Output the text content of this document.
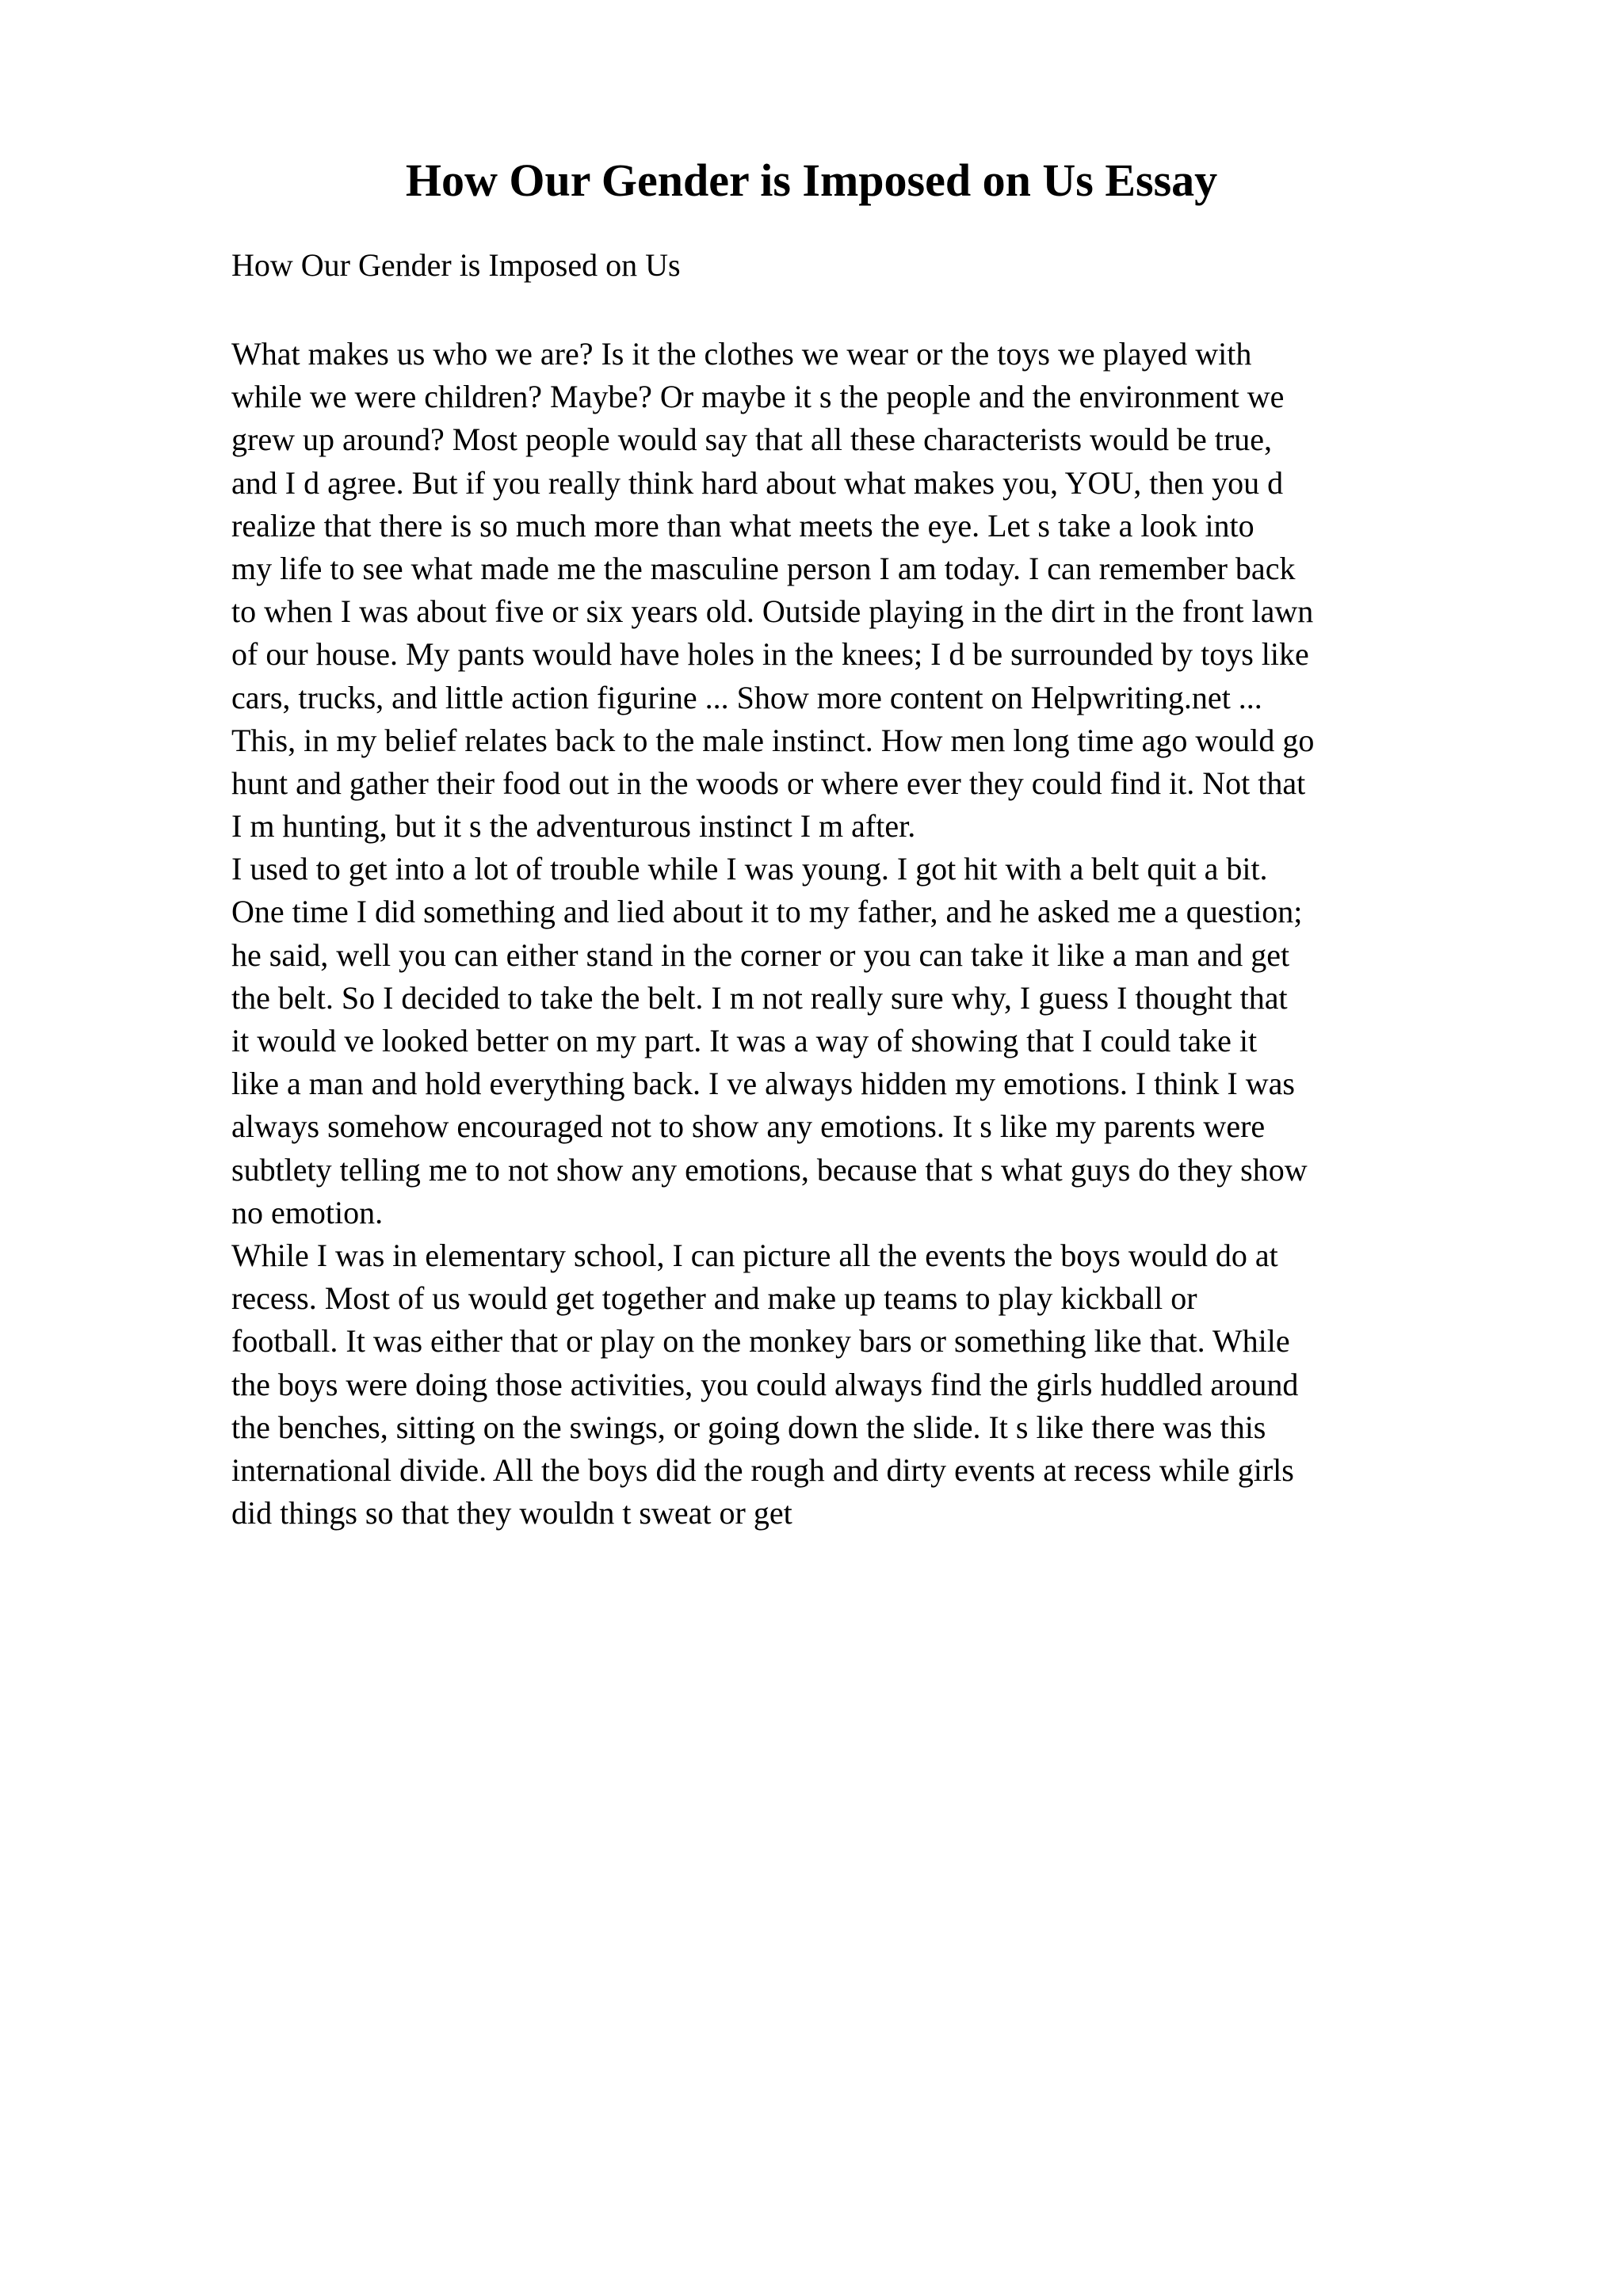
How Our Gender is Imposed on Us Essay
How Our Gender is Imposed on Us
What makes us who we are? Is it the clothes we wear or the toys we played with
while we were children? Maybe? Or maybe it s the people and the environment we
grew up around? Most people would say that all these characterists would be true,
and I d agree. But if you really think hard about what makes you, YOU, then you d
realize that there is so much more than what meets the eye. Let s take a look into
my life to see what made me the masculine person I am today. I can remember back
to when I was about five or six years old. Outside playing in the dirt in the front lawn
of our house. My pants would have holes in the knees; I d be surrounded by toys like
cars, trucks, and little action figurine ... Show more content on Helpwriting.net ...
This, in my belief relates back to the male instinct. How men long time ago would go
hunt and gather their food out in the woods or where ever they could find it. Not that
I m hunting, but it s the adventurous instinct I m after.
I used to get into a lot of trouble while I was young. I got hit with a belt quit a bit.
One time I did something and lied about it to my father, and he asked me a question;
he said, well you can either stand in the corner or you can take it like a man and get
the belt. So I decided to take the belt. I m not really sure why, I guess I thought that
it would ve looked better on my part. It was a way of showing that I could take it
like a man and hold everything back. I ve always hidden my emotions. I think I was
always somehow encouraged not to show any emotions. It s like my parents were
subtlety telling me to not show any emotions, because that s what guys do they show
no emotion.
While I was in elementary school, I can picture all the events the boys would do at
recess. Most of us would get together and make up teams to play kickball or
football. It was either that or play on the monkey bars or something like that. While
the boys were doing those activities, you could always find the girls huddled around
the benches, sitting on the swings, or going down the slide. It s like there was this
international divide. All the boys did the rough and dirty events at recess while girls
did things so that they wouldn t sweat or get
